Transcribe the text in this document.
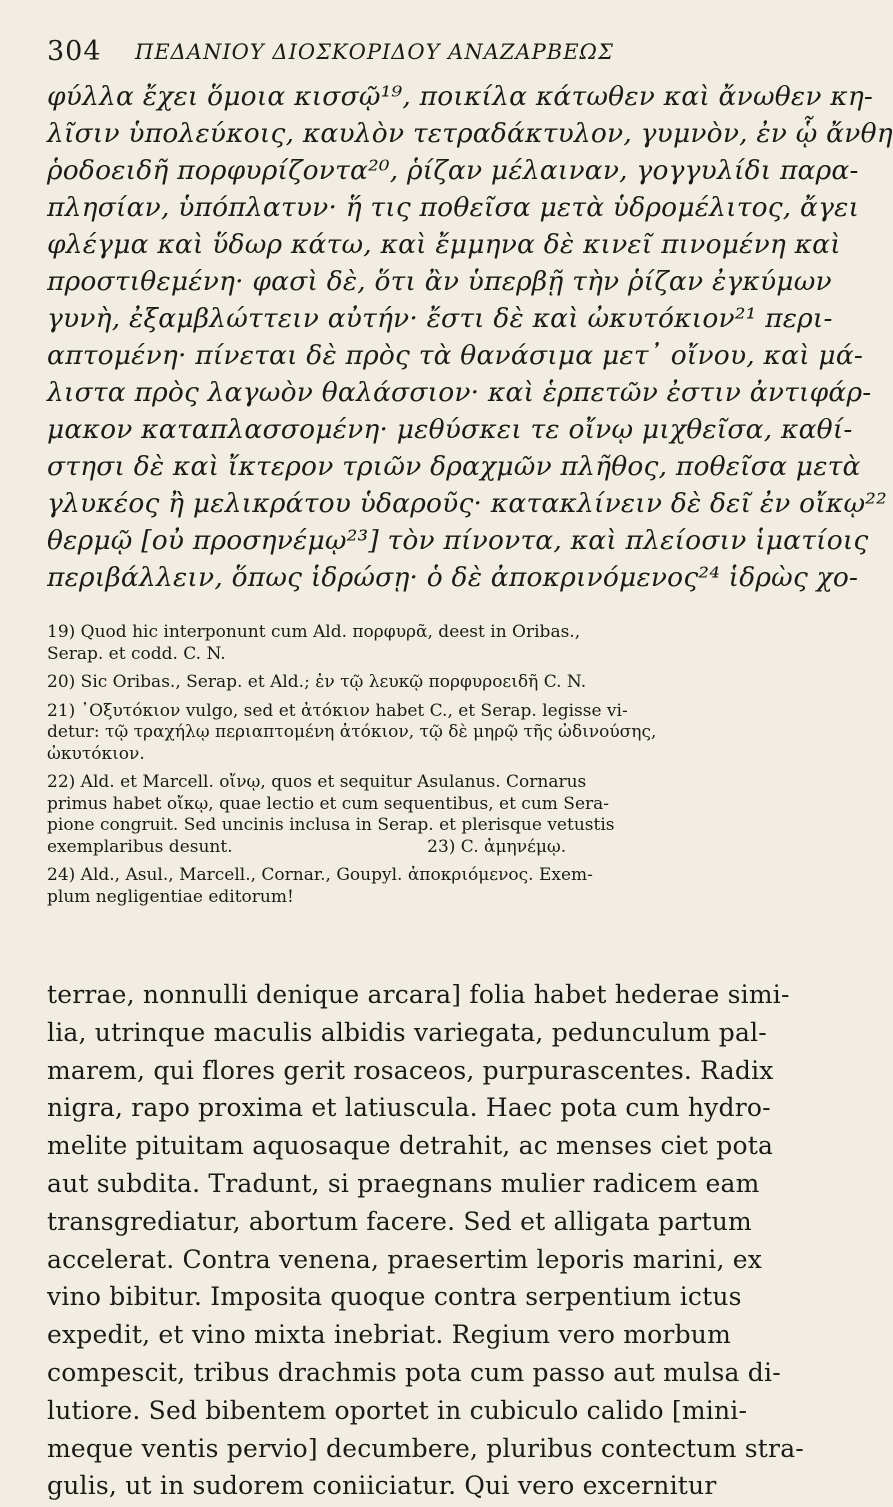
304 ΠΕΔΑΝΙΟΥ ΔΙΟΣΚΟΡΙΔΟΥ ΑΝΑΖΑΡΒΕΩΣ
φύλλα ἔχει ὅμοια κισσῷ¹⁹, ποικίλα κάτωθεν καὶ ἄνωθεν κη-
λῖσιν ὑπολεύκοις, καυλὸν τετραδάκτυλον, γυμνὸν, ἐν ᾧ ἄνθη
ῥοδοειδῆ πορφυρίζοντα²⁰, ῥίζαν μέλαιναν, γογγυλίδι παρα-
πλησίαν, ὑπόπλατυν· ἥ τις ποθεῖσα μετὰ ὑδρομέλιτος, ἄγει
φλέγμα καὶ ὕδωρ κάτω, καὶ ἔμμηνα δὲ κινεῖ πινομένη καὶ
προστιθεμένη· φασὶ δὲ, ὅτι ἂν ὑπερβῇ τὴν ῥίζαν ἐγκύμων
γυνὴ, ἐξαμβλώττειν αὐτήν· ἔστι δὲ καὶ ὠκυτόκιον²¹ περι-
απτομένη· πίνεται δὲ πρὸς τὰ θανάσιμα μετ᾿ οἴνου, καὶ μά-
λιστα πρὸς λαγωὸν θαλάσσιον· καὶ ἑρπετῶν ἐστιν ἀντιφάρ-
μακον καταπλασσομένη· μεθύσκει τε οἴνῳ μιχθεῖσα, καθί-
στησι δὲ καὶ ἴκτερον τριῶν δραχμῶν πλῆθος, ποθεῖσα μετὰ
γλυκέος ἢ μελικράτου ὑδαροῦς· κατακλίνειν δὲ δεῖ ἐν οἴκῳ²²
θερμῷ [οὐ προσηνέμῳ²³] τὸν πίνοντα, καὶ πλείοσιν ἱματίοις
περιβάλλειν, ὅπως ἱδρώσῃ· ὁ δὲ ἀποκρινόμενος²⁴ ἱδρὼς χο-
19) Quod hic interponunt cum Ald. πορφυρᾶ, deest in Oribas.,
Serap. et codd. C. N.
20) Sic Oribas., Serap. et Ald.; ἐν τῷ λευκῷ πορφυροειδῆ C. N.
21) ᾿Οξυτόκιον vulgo, sed et ἀτόκιον habet C., et Serap. legisse vi-
detur: τῷ τραχήλῳ περιαπτομένη ἀτόκιον, τῷ δὲ μηρῷ τῆς ὠδινούσης,
ὠκυτόκιον.
22) Ald. et Marcell. οἴνῳ, quos et sequitur Asulanus. Cornarus
primus habet οἴκῳ, quae lectio et cum sequentibus, et cum Sera-
pione congruit. Sed uncinis inclusa in Serap. et plerisque vetustis
exemplaribus desunt.                                    23) C. ἀμηνέμῳ.
24) Ald., Asul., Marcell., Cornar., Goupyl. ἀποκριόμενος. Exem-
plum negligentiae editorum!
terrae, nonnulli denique arcara] folia habet hederae simi-
lia, utrinque maculis albidis variegata, pedunculum pal-
marem, qui flores gerit rosaceos, purpurascentes. Radix
nigra, rapo proxima et latiuscula. Haec pota cum hydro-
melite pituitam aquosaque detrahit, ac menses ciet pota
aut subdita. Tradunt, si praegnans mulier radicem eam
transgrediatur, abortum facere. Sed et alligata partum
accelerat. Contra venena, praesertim leporis marini, ex
vino bibitur. Imposita quoque contra serpentium ictus
expedit, et vino mixta inebriat. Regium vero morbum
compescit, tribus drachmis pota cum passo aut mulsa di-
lutiore. Sed bibentem oportet in cubiculo calido [mini-
meque ventis pervio] decumbere, pluribus contectum stra-
gulis, ut in sudorem coniiciatur. Qui vero excernitur
